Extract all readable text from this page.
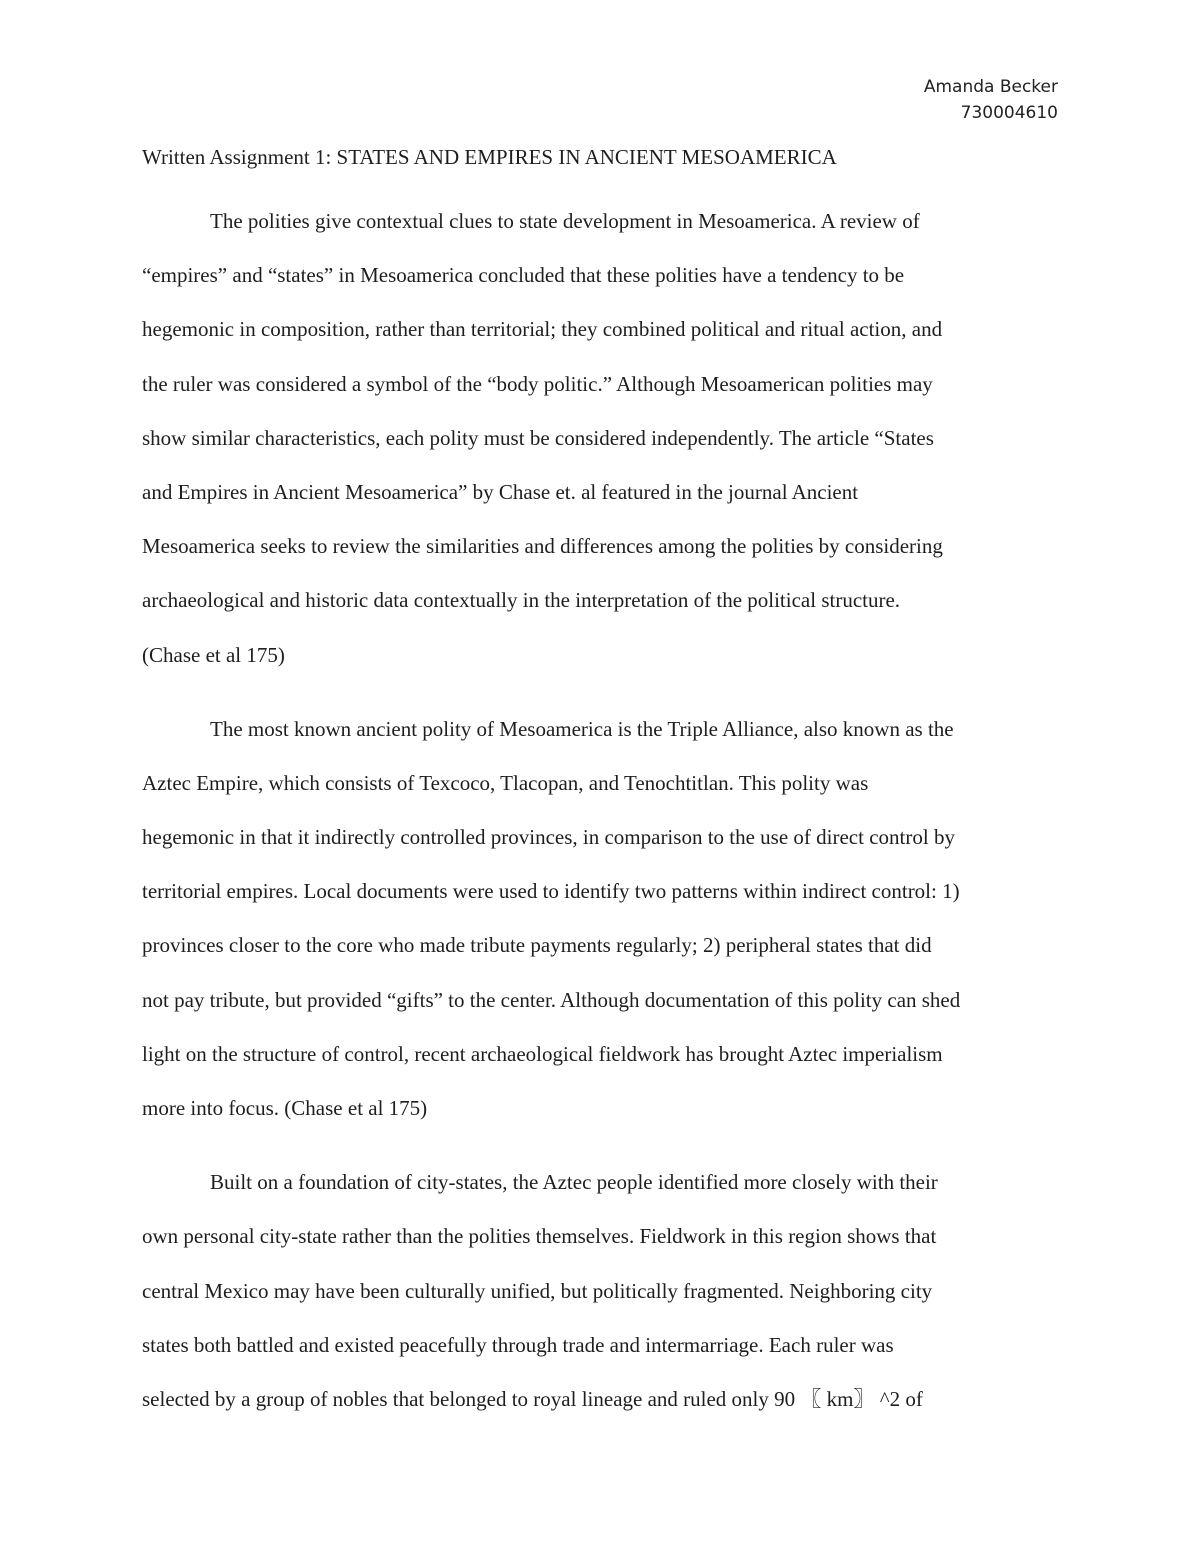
Amanda Becker
730004610
Written Assignment 1: STATES AND EMPIRES IN ANCIENT MESOAMERICA
The polities give contextual clues to state development in Mesoamerica. A review of
“empires” and “states” in Mesoamerica concluded that these polities have a tendency to be
hegemonic in composition, rather than territorial; they combined political and ritual action, and
the ruler was considered a symbol of the “body politic.” Although Mesoamerican polities may
show similar characteristics, each polity must be considered independently. The article “States
and Empires in Ancient Mesoamerica” by Chase et. al featured in the journal Ancient
Mesoamerica seeks to review the similarities and differences among the polities by considering
archaeological and historic data contextually in the interpretation of the political structure.
(Chase et al 175)
The most known ancient polity of Mesoamerica is the Triple Alliance, also known as the
Aztec Empire, which consists of Texcoco, Tlacopan, and Tenochtitlan. This polity was
hegemonic in that it indirectly controlled provinces, in comparison to the use of direct control by
territorial empires. Local documents were used to identify two patterns within indirect control: 1)
provinces closer to the core who made tribute payments regularly; 2) peripheral states that did
not pay tribute, but provided “gifts” to the center. Although documentation of this polity can shed
light on the structure of control, recent archaeological fieldwork has brought Aztec imperialism
more into focus. (Chase et al 175)
Built on a foundation of city-states, the Aztec people identified more closely with their
own personal city-state rather than the polities themselves. Fieldwork in this region shows that
central Mexico may have been culturally unified, but politically fragmented. Neighboring city
states both battled and existed peacefully through trade and intermarriage. Each ruler was
selected by a group of nobles that belonged to royal lineage and ruled only 90 〖 km〗 ^2 of
